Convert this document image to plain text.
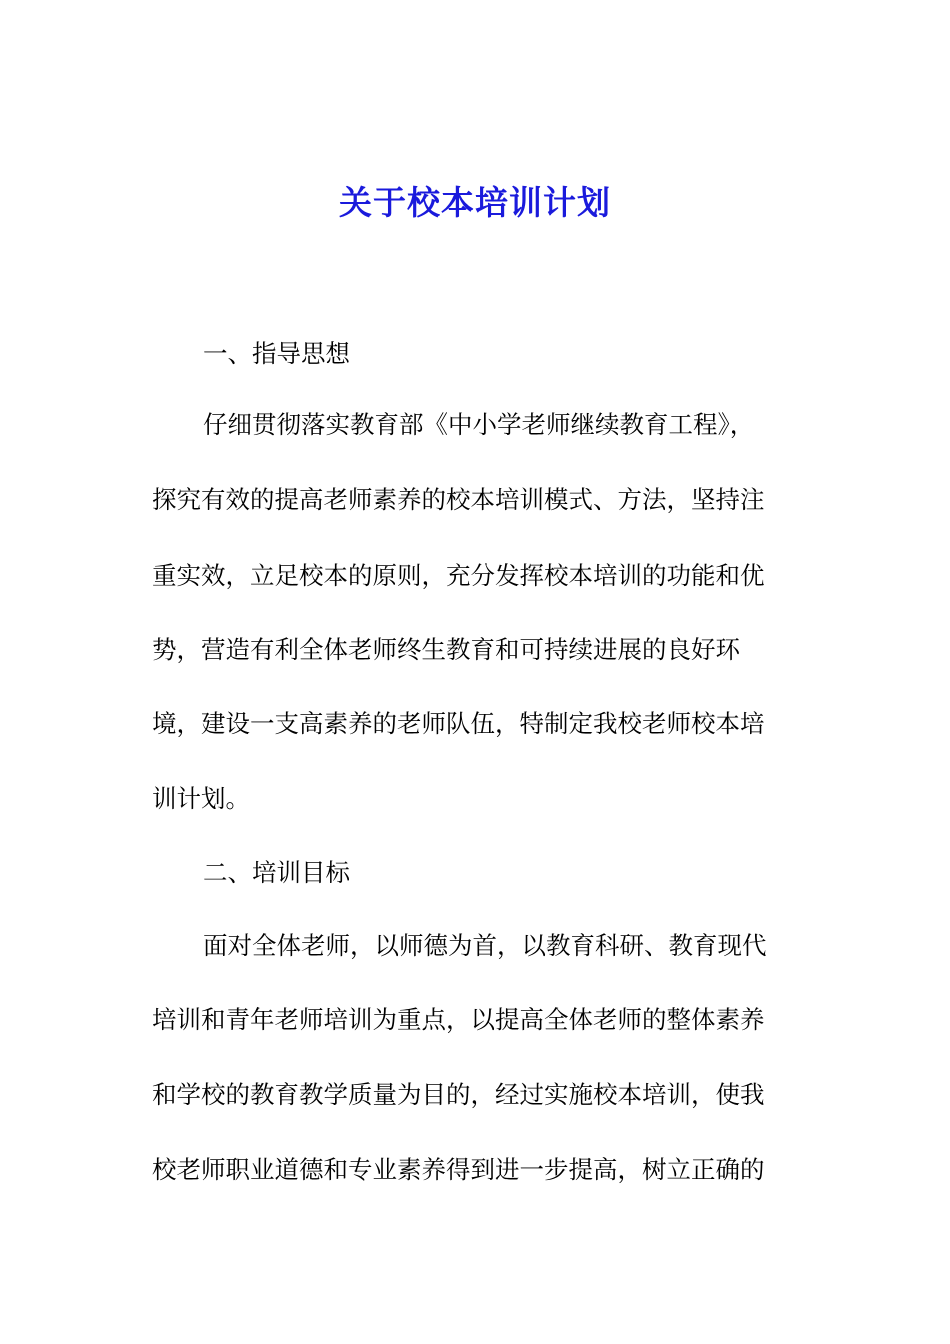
关于校本培训计划
一、指导思想
仔细贯彻落实教育部《中小学老师继续教育工程》，
探究有效的提高老师素养的校本培训模式、方法，坚持注
重实效，立足校本的原则，充分发挥校本培训的功能和优
势，营造有利全体老师终生教育和可持续进展的良好环
境，建设一支高素养的老师队伍，特制定我校老师校本培
训计划。
二、培训目标
面对全体老师，以师德为首，以教育科研、教育现代
培训和青年老师培训为重点，以提高全体老师的整体素养
和学校的教育教学质量为目的，经过实施校本培训，使我
校老师职业道德和专业素养得到进一步提高，树立正确的
